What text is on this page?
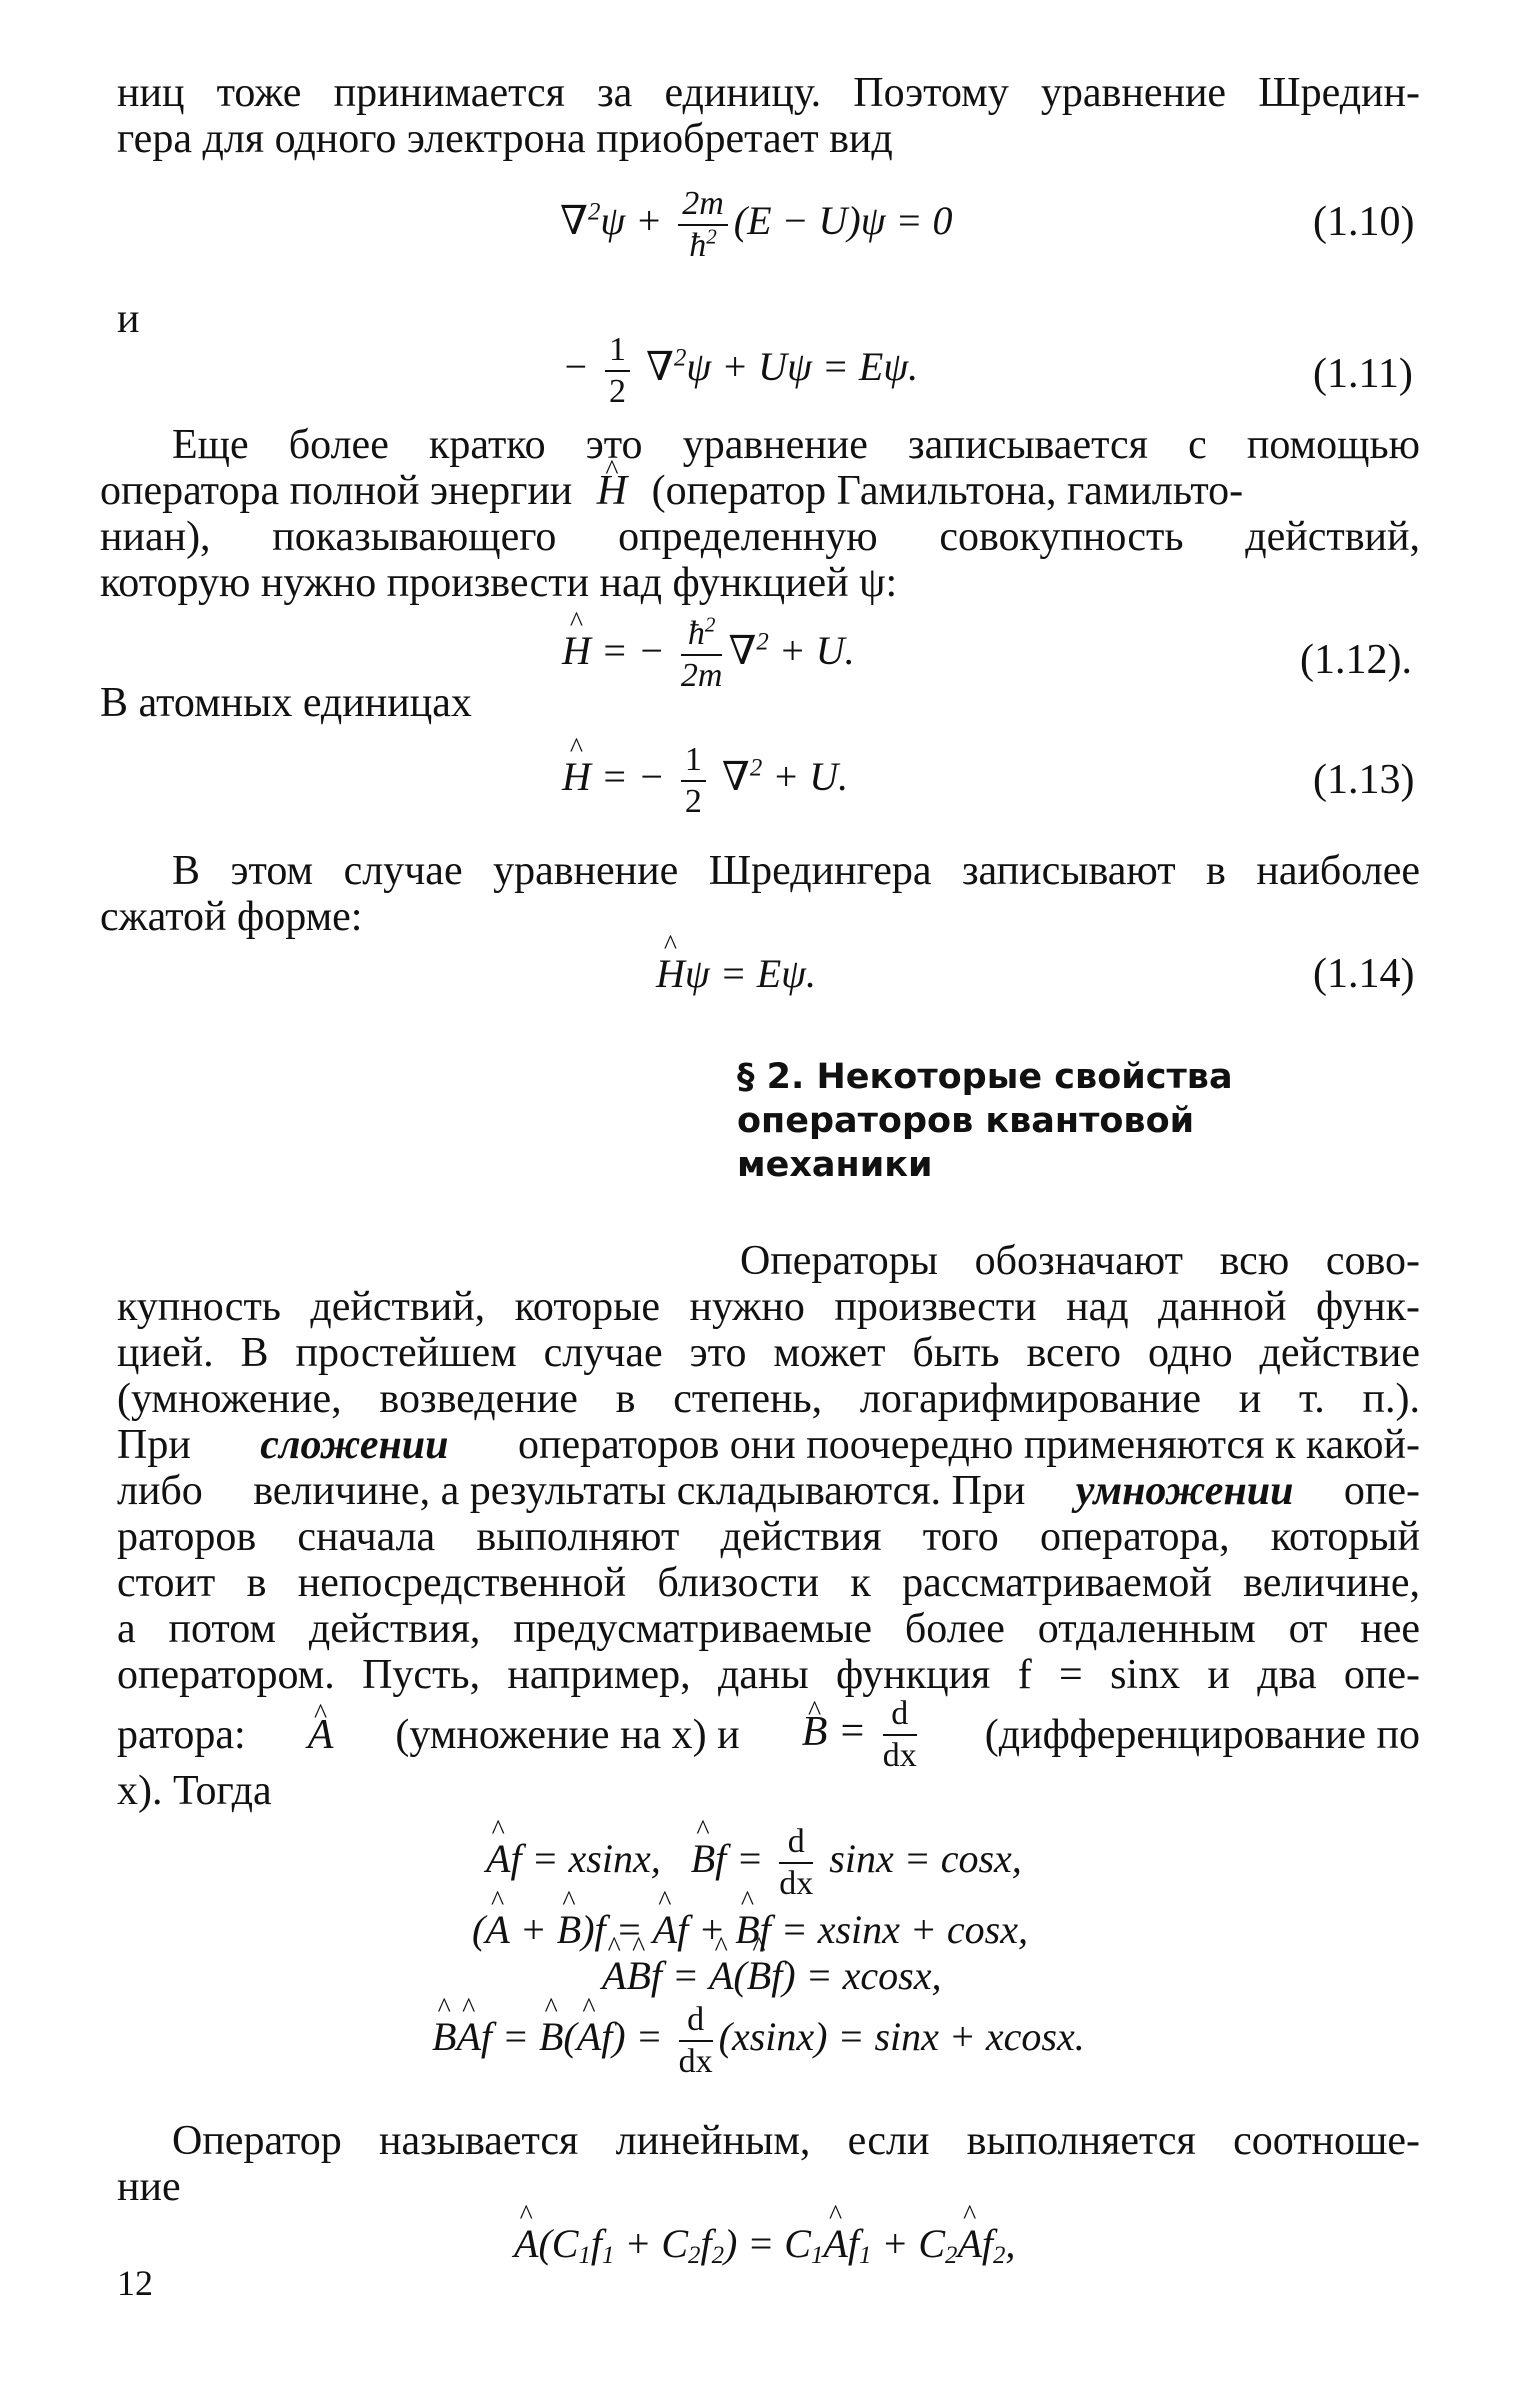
ниц тоже принимается за единицу. Поэтому уравнение Шредин-
гера для одного электрона приобретает вид
$\nabla^2\psi + \frac{2m}{ħ^2} (E - U)\psi = 0$	(1.10)
и
− $\frac{1}{2} \nabla^2\psi + U\psi = E\psi$.	(1.11)
Еще более кратко это уравнение записывается с помощью
оператора полной энергии ^ H (оператор Гамильтона, гамильто-
ниан), показывающего определенную совокупность действий,
которую нужно произвести над функцией ψ:
^ H = − $\frac{ħ^2}{2m} \nabla^2 + U$.	(1.12).
В атомных единицах
^ H = − $\frac{1}{2} \nabla^2 + U$.	(1.13)
В этом случае уравнение Шредингера записывают в наиболее
сжатой форме:
^ Hψ = Eψ.	(1.14)
§ 2. Некоторые свойства
операторов квантовой
механики
Операторы обозначают всю сово-
купность действий, которые нужно произвести над данной функ-
цией. В простейшем случае это может быть всего одно действие
(умножение, возведение в степень, логарифмирование и т. п.).
При сложении операторов они поочередно применяются к какой-
либо величине, а результаты складываются. При умножении опе-
раторов сначала выполняют действия того оператора, который
стоит в непосредственной близости к рассматриваемой величине,
а потом действия, предусматриваемые более отдаленным от нее
оператором. Пусть, например, даны функция f = sinx и два опе-
ратора: ^ A (умножение на x) и ^ $B = \frac{d}{dx}$ (дифференцирование по
x). Тогда
^ Af = xsinx,   ^ $Bf = \frac{d}{dx}$ sinx = cosx,
(^ A + ^ B)f = ^ Af + ^ Bf = xsinx + cosx,
^ A^ Bf = ^ A(^ Bf) = xcosx,
^ B^ Af = ^ B(^ $Af) = \frac{d}{dx} (xsinx) = \sin x + xcosx$.
Оператор называется линейным, если выполняется соотноше-
ние
^ $A(C_1f_1 + C_2f_2)$ = $C_1\^{}$ $Af_1$ + $C_2\^{}$ $Af_2$,
12
